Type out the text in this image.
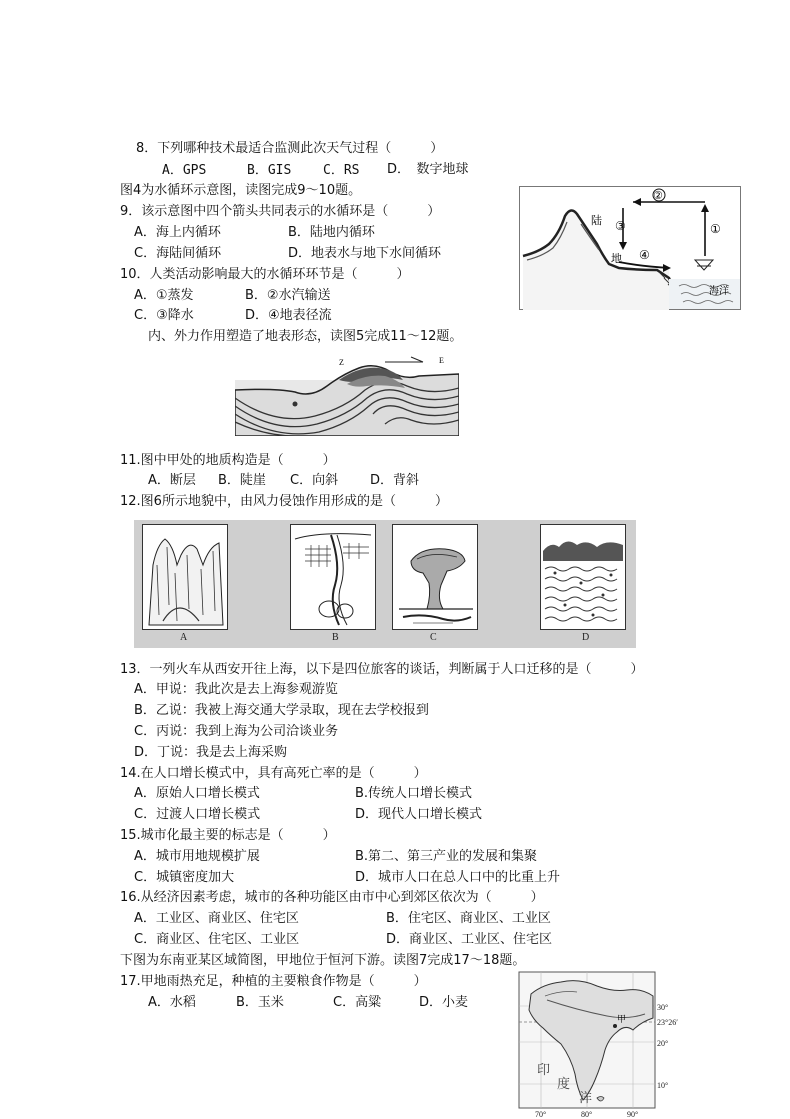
8．下列哪种技术最适合监测此次天气过程（　　　）
A．GPS	B．GIS C．RS D．　数字地球
图4为水循环示意图，读图完成9～10题。
9．该示意图中四个箭头共同表示的水循环是（　　　）
A．海上内循环	B．陆地内循环
C．海陆间循环	D．地表水与地下水间循环
10．人类活动影响最大的水循环环节是（　　　）
A．①蒸发	B．②水汽输送
C．③降水	D．④地表径流
陆
地
海洋
②
③	①
④
内、外力作用塑造了地表形态，读图5完成11～12题。
Z	E
11.图中甲处的地质构造是（　　　）
A．断层 B．陡崖 C．向斜 D．背斜
12.图6所示地貌中，由风力侵蚀作用形成的是（　　　）
A	B	C	D
13．一列火车从西安开往上海，以下是四位旅客的谈话，判断属于人口迁移的是（　　　）
A．甲说：我此次是去上海参观游览
B．乙说：我被上海交通大学录取，现在去学校报到
C．丙说：我到上海为公司洽谈业务
D．丁说：我是去上海采购
14.在人口增长模式中，具有高死亡率的是（　　　）
A．原始人口增长模式	B.传统人口增长模式
C．过渡人口增长模式	D．现代人口增长模式
15.城市化最主要的标志是（　　　）
A．城市用地规模扩展	B.第二、第三产业的发展和集聚
C．城镇密度加大	D．城市人口在总人口中的比重上升
16.从经济因素考虑，城市的各种功能区由市中心到郊区依次为（　　　）
A．工业区、商业区、住宅区	B．住宅区、商业区、工业区
C．商业区、住宅区、工业区	D．商业区、工业区、住宅区
下图为东南亚某区域简图，甲地位于恒河下游。读图7完成17～18题。
17.甲地雨热充足，种植的主要粮食作物是（　　　）
A．水稻	B．玉米	C．高粱	D．小麦
印
度
洋
甲
30°
23°26′
20°
10°
70°	80°	90°
